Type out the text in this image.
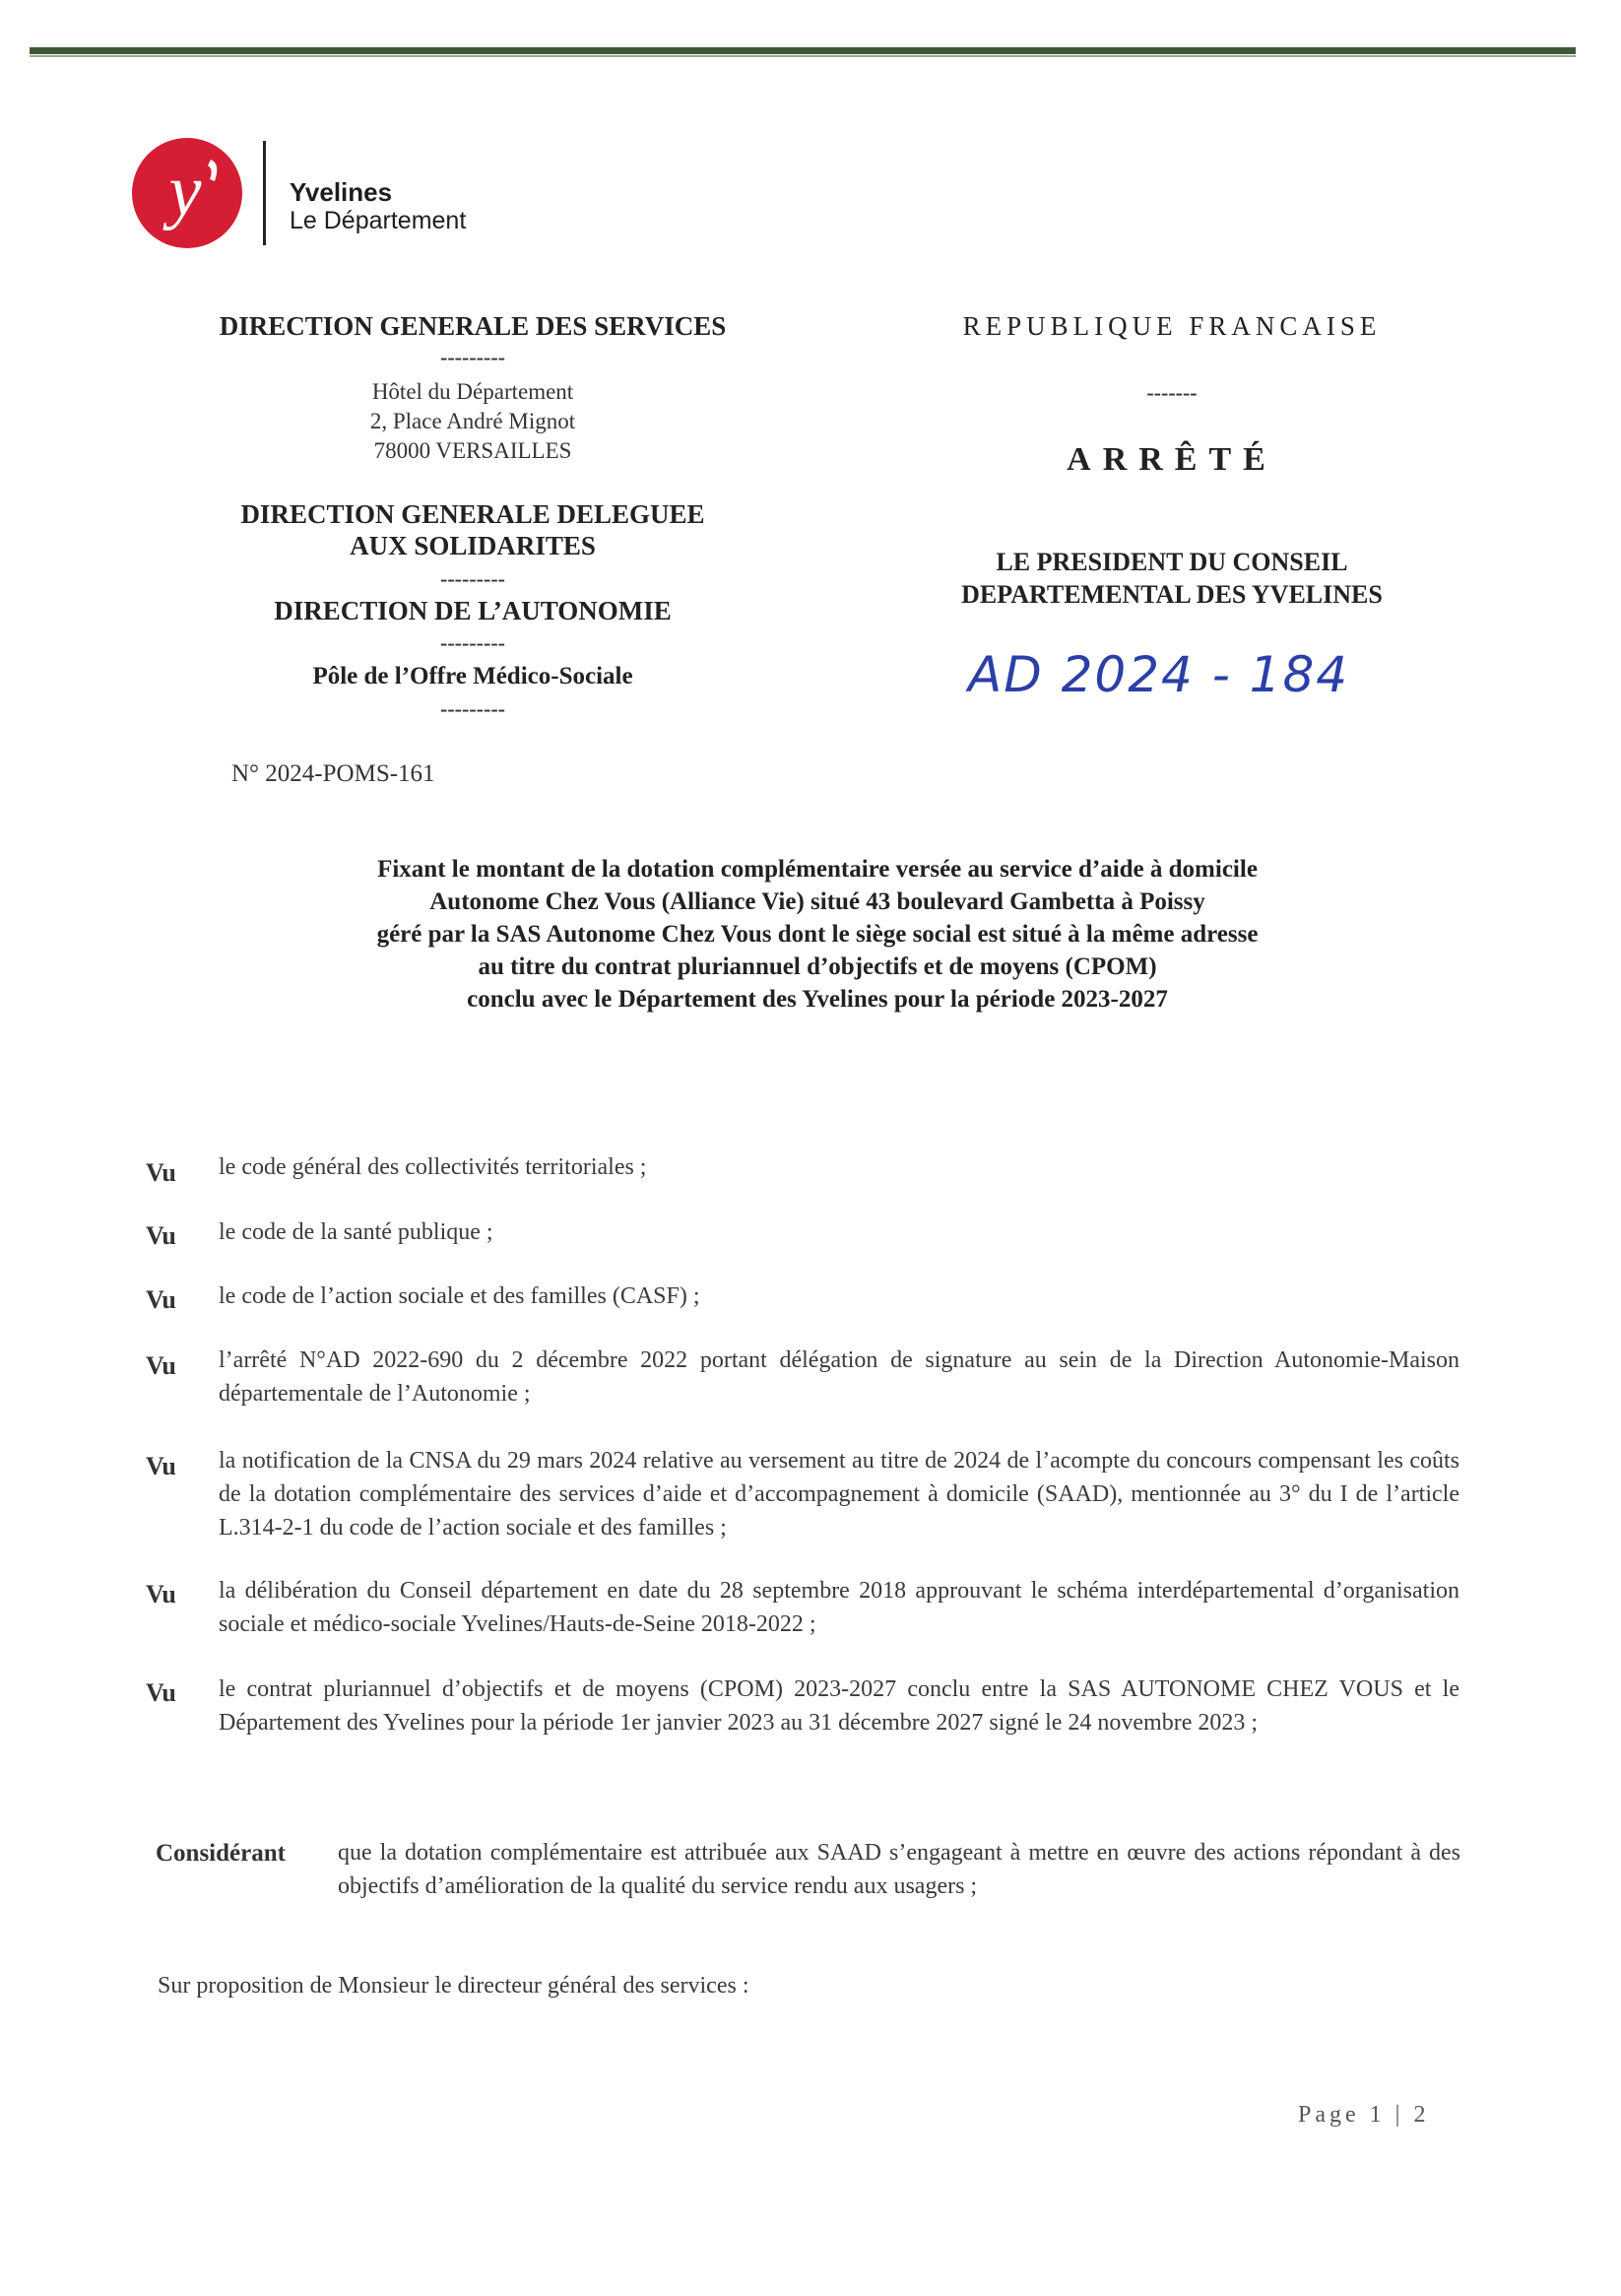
y	Yvelines
Le Département
DIRECTION GENERALE DES SERVICES
---------
Hôtel du Département
2, Place André Mignot
78000 VERSAILLES
DIRECTION GENERALE DELEGUEE
AUX SOLIDARITES
---------
DIRECTION DE L’AUTONOMIE
---------
Pôle de l’Offre Médico-Sociale
---------
REPUBLIQUE FRANCAISE
-------
ARRÊTÉ
LE PRESIDENT DU CONSEIL
DEPARTEMENTAL DES YVELINES
AD 2024 - 184
N° 2024-POMS-161
Fixant le montant de la dotation complémentaire versée au service d’aide à domicile
Autonome Chez Vous (Alliance Vie) situé 43 boulevard Gambetta à Poissy
géré par la SAS Autonome Chez Vous dont le siège social est situé à la même adresse
au titre du contrat pluriannuel d’objectifs et de moyens (CPOM)
conclu avec le Département des Yvelines pour la période 2023-2027
Vu le code général des collectivités territoriales ;
Vu le code de la santé publique ;
Vu le code de l’action sociale et des familles (CASF) ;
Vu l’arrêté N°AD 2022-690 du 2 décembre 2022 portant délégation de signature au sein de la Direction Autonomie-Maison départementale de l’Autonomie ;
Vu la notification de la CNSA du 29 mars 2024 relative au versement au titre de 2024 de l’acompte du concours compensant les coûts de la dotation complémentaire des services d’aide et d’accompagnement à domicile (SAAD), mentionnée au 3° du I de l’article L.314-2-1 du code de l’action sociale et des familles ;
Vu la délibération du Conseil département en date du 28 septembre 2018 approuvant le schéma interdépartemental d’organisation sociale et médico-sociale Yvelines/Hauts-de-Seine 2018-2022 ;
Vu le contrat pluriannuel d’objectifs et de moyens (CPOM) 2023-2027 conclu entre la SAS AUTONOME CHEZ VOUS et le Département des Yvelines pour la période 1er janvier 2023 au 31 décembre 2027 signé le 24 novembre 2023 ;
Considérant que la dotation complémentaire est attribuée aux SAAD s’engageant à mettre en œuvre des actions répondant à des objectifs d’amélioration de la qualité du service rendu aux usagers ;
Sur proposition de Monsieur le directeur général des services :
Page 1 | 2
